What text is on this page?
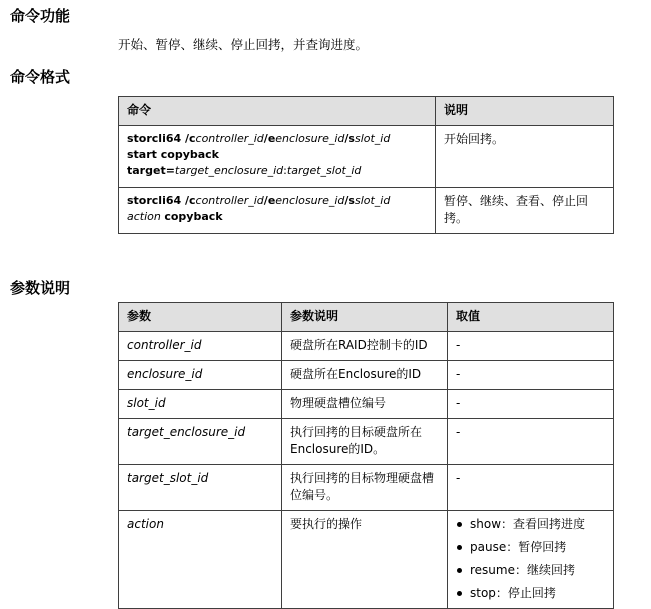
命令功能

开始、暂停、继续、停止回拷，并查询进度。

命令格式
命令	说明
storcli64 /ccontroller_id/eenclosure_id/sslot_id
start copyback
target=target_enclosure_id:target_slot_id	开始回拷。
storcli64 /ccontroller_id/eenclosure_id/sslot_id
action copyback	暂停、继续、查看、停止回拷。
参数说明
参数	参数说明	取值
controller_id	硬盘所在RAID控制卡的ID	-
enclosure_id	硬盘所在Enclosure的ID	-
slot_id	物理硬盘槽位编号	-
target_enclosure_id	执行回拷的目标硬盘所在Enclosure的ID。	-
target_slot_id	执行回拷的目标物理硬盘槽位编号。	-
action	要执行的操作	show：查看回拷进度
pause：暂停回拷
resume：继续回拷
stop：停止回拷
